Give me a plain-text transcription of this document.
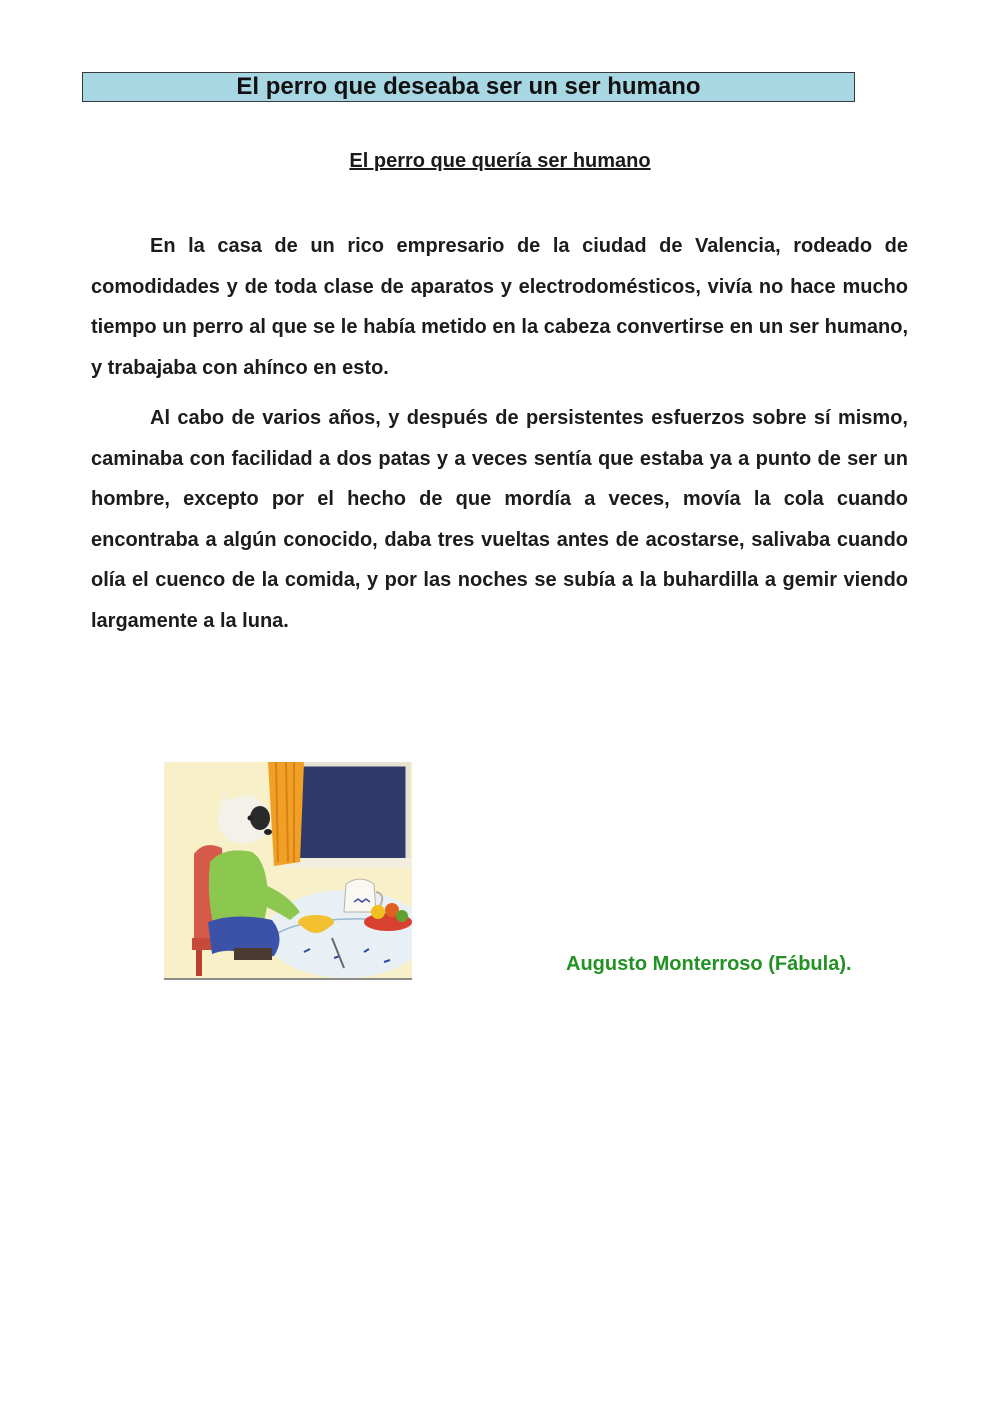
El perro que deseaba ser un ser humano
El perro que quería ser humano

En la casa de un rico empresario de la ciudad de Valencia, rodeado de comodidades y de toda clase de aparatos y electrodomésticos, vivía no hace mucho tiempo un perro al que se le había metido en la cabeza convertirse en un ser humano, y trabajaba con ahínco en esto.

Al cabo de varios años, y después de persistentes esfuerzos sobre sí mismo, caminaba con facilidad a dos patas y a veces sentía que estaba ya a punto de ser un hombre, excepto por el hecho de que mordía a veces, movía la cola cuando encontraba a algún conocido, daba tres vueltas antes de acostarse, salivaba cuando olía el cuenco de la comida, y por las noches se subía a la buhardilla a gemir viendo largamente a la luna.

Augusto Monterroso (Fábula).
